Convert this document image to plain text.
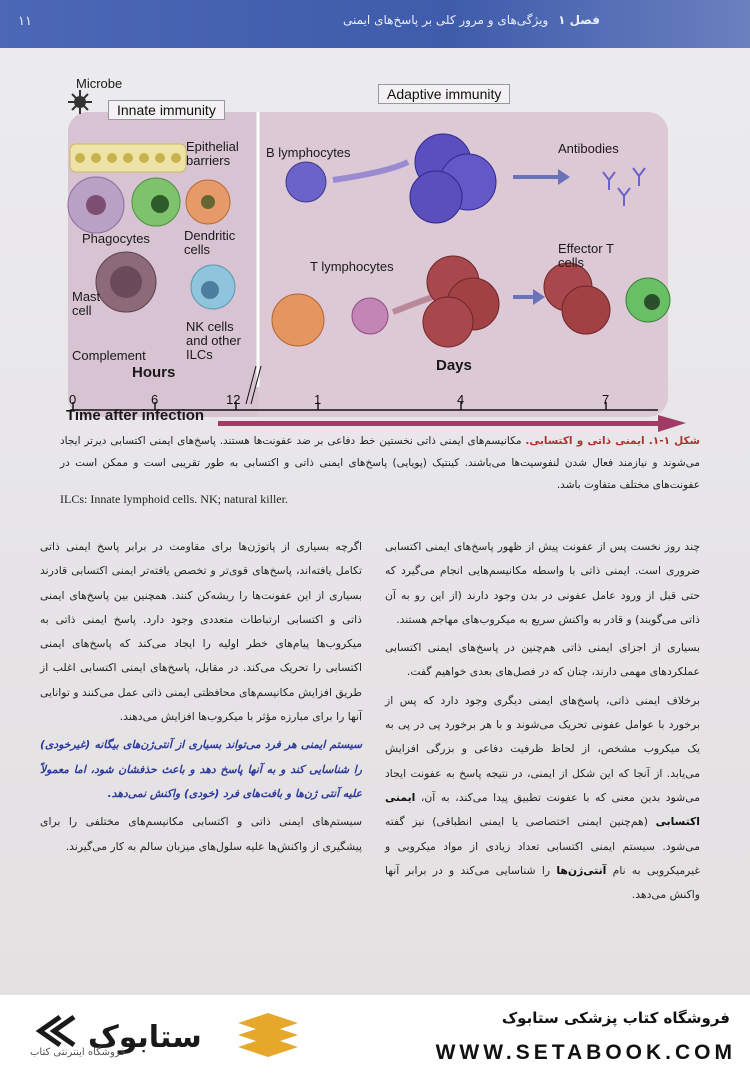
۱۱	فصل ۱ ویژگی‌های و مرور کلی بر پاسخ‌های ایمنی
Microbe
Innate immunity
Adaptive immunity
Epithelial barriers
Phagocytes	Dendritic cells
Mast cell
NK cells and other ILCs
Complement
B lymphocytes	Antibodies
T lymphocytes
Effector T cells
Hours	Days
0	6	12	1	4	7
Time after infection
شکل ۱-۱. ایمنی ذاتی و اکتسابی. مکانیسم‌های ایمنی ذاتی نخستین خط دفاعی بر ضد عفونت‌ها هستند. پاسخ‌های ایمنی اکتسابی دیرتر ایجاد می‌شوند و نیازمند فعال شدن لنفوسیت‌ها می‌باشند. کینتیک (پویایی) پاسخ‌های ایمنی ذاتی و اکتسابی به طور تقریبی است و ممکن است در عفونت‌های مختلف متفاوت باشد.
ILCs: Innate lymphoid cells. NK; natural killer.

چند روز نخست پس از عفونت پیش از ظهور پاسخ‌های ایمنی اکتسابی ضروری است. ایمنی ذاتی با واسطه مکانیسم‌هایی انجام می‌گیرد که حتی قبل از ورود عامل عفونی در بدن وجود دارند (از این رو به آن ذاتی می‌گویند) و قادر به واکنش سریع به میکروب‌های مهاجم هستند.

بسیاری از اجزای ایمنی ذاتی هم‌چنین در پاسخ‌های ایمنی اکتسابی عملکردهای مهمی دارند، چنان که در فصل‌های بعدی خواهیم گفت.

برخلاف ایمنی ذاتی، پاسخ‌های ایمنی دیگری وجود دارد که پس از برخورد با عوامل عفونی تحریک می‌شوند و با هر برخورد پی در پی به یک میکروب مشخص، از لحاظ ظرفیت دفاعی و بزرگی افزایش می‌یابد. از آنجا که این شکل از ایمنی، در نتیجه پاسخ به عفونت ایجاد می‌شود بدین معنی که با عفونت تطبیق پیدا می‌کند، به آن، ایمنی اکتسابی (هم‌چنین ایمنی اختصاصی یا ایمنی انطباقی) نیز گفته می‌شود. سیستم ایمنی اکتسابی تعداد زیادی از مواد میکروبی و غیرمیکروبی به نام آنتی‌ژن‌ها را شناسایی می‌کند و در برابر آنها واکنش می‌دهد.

اگرچه بسیاری از پاتوژن‌ها برای مقاومت در برابر پاسخ ایمنی ذاتی تکامل یافته‌اند، پاسخ‌های قوی‌تر و تخصص یافته‌تر ایمنی اکتسابی قادرند بسیاری از این عفونت‌ها را ریشه‌کن کنند. همچنین بین پاسخ‌های ایمنی ذاتی و اکتسابی ارتباطات متعددی وجود دارد. پاسخ ایمنی ذاتی به میکروب‌ها پیام‌های خطر اولیه را ایجاد می‌کند که پاسخ‌های ایمنی اکتسابی را تحریک می‌کند. در مقابل، پاسخ‌های ایمنی اکتسابی اغلب از طریق افزایش مکانیسم‌های محافظتی ایمنی ذاتی عمل می‌کنند و توانایی آنها را برای مبارزه مؤثر با میکروب‌ها افزایش می‌دهند.

سیستم ایمنی هر فرد می‌تواند بسیاری از آنتی‌ژن‌های بیگانه (غیرخودی) را شناسایی کند و به آنها پاسخ دهد و باعث حذفشان شود، اما معمولاً علیه آنتی ژن‌ها و بافت‌های فرد (خودی) واکنش نمی‌دهد.

سیستم‌های ایمنی ذاتی و اکتسابی مکانیسم‌های مختلفی را برای پیشگیری از واکنش‌ها علیه سلول‌های میزبان سالم به کار می‌گیرند.

ستابوک
فروشگاه اینترنتی کتاب
فروشگاه کتاب پزشکی ستابوک
WWW.SETABOOK.COM
